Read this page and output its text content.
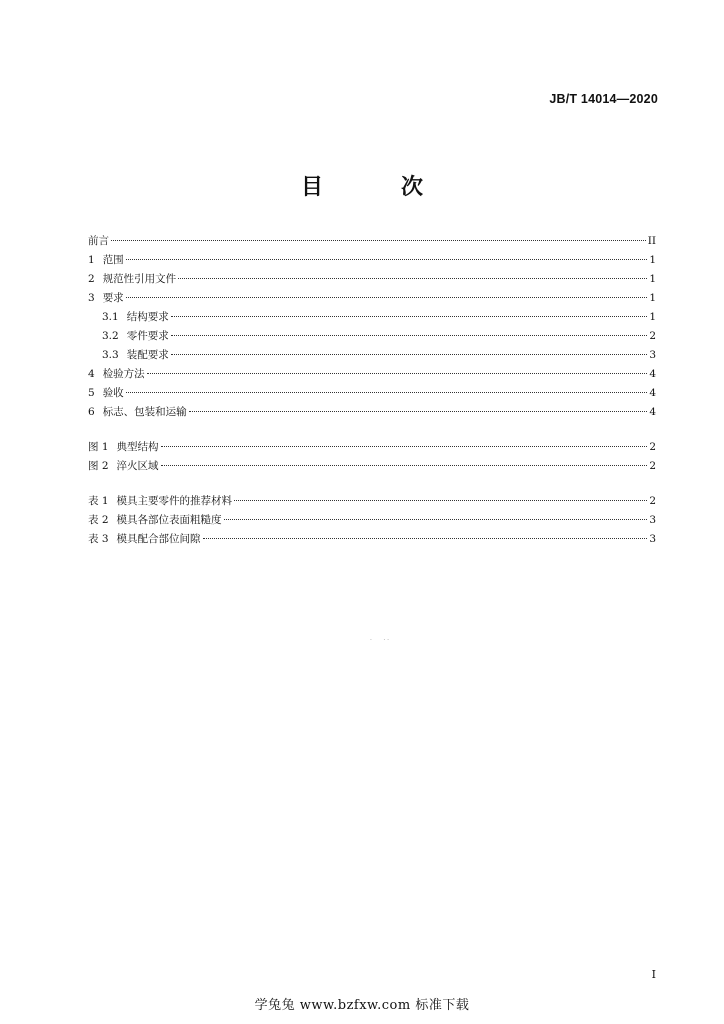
JB/T 14014—2020
目　次
前言	II
1 范围	1
2 规范性引用文件	1
3 要求	1
3.1 结构要求	1
3.2 零件要求	2
3.3 装配要求	3
4 检验方法	4
5 验收	4
6 标志、包装和运输	4
图 1 典型结构	2
图 2 淬火区域	2
表 1 模具主要零件的推荐材料	2
表 2 模具各部位表面粗糙度	3
表 3 模具配合部位间隙	3
·      · ·
I
学兔兔 www.bzfxw.com 标准下载
